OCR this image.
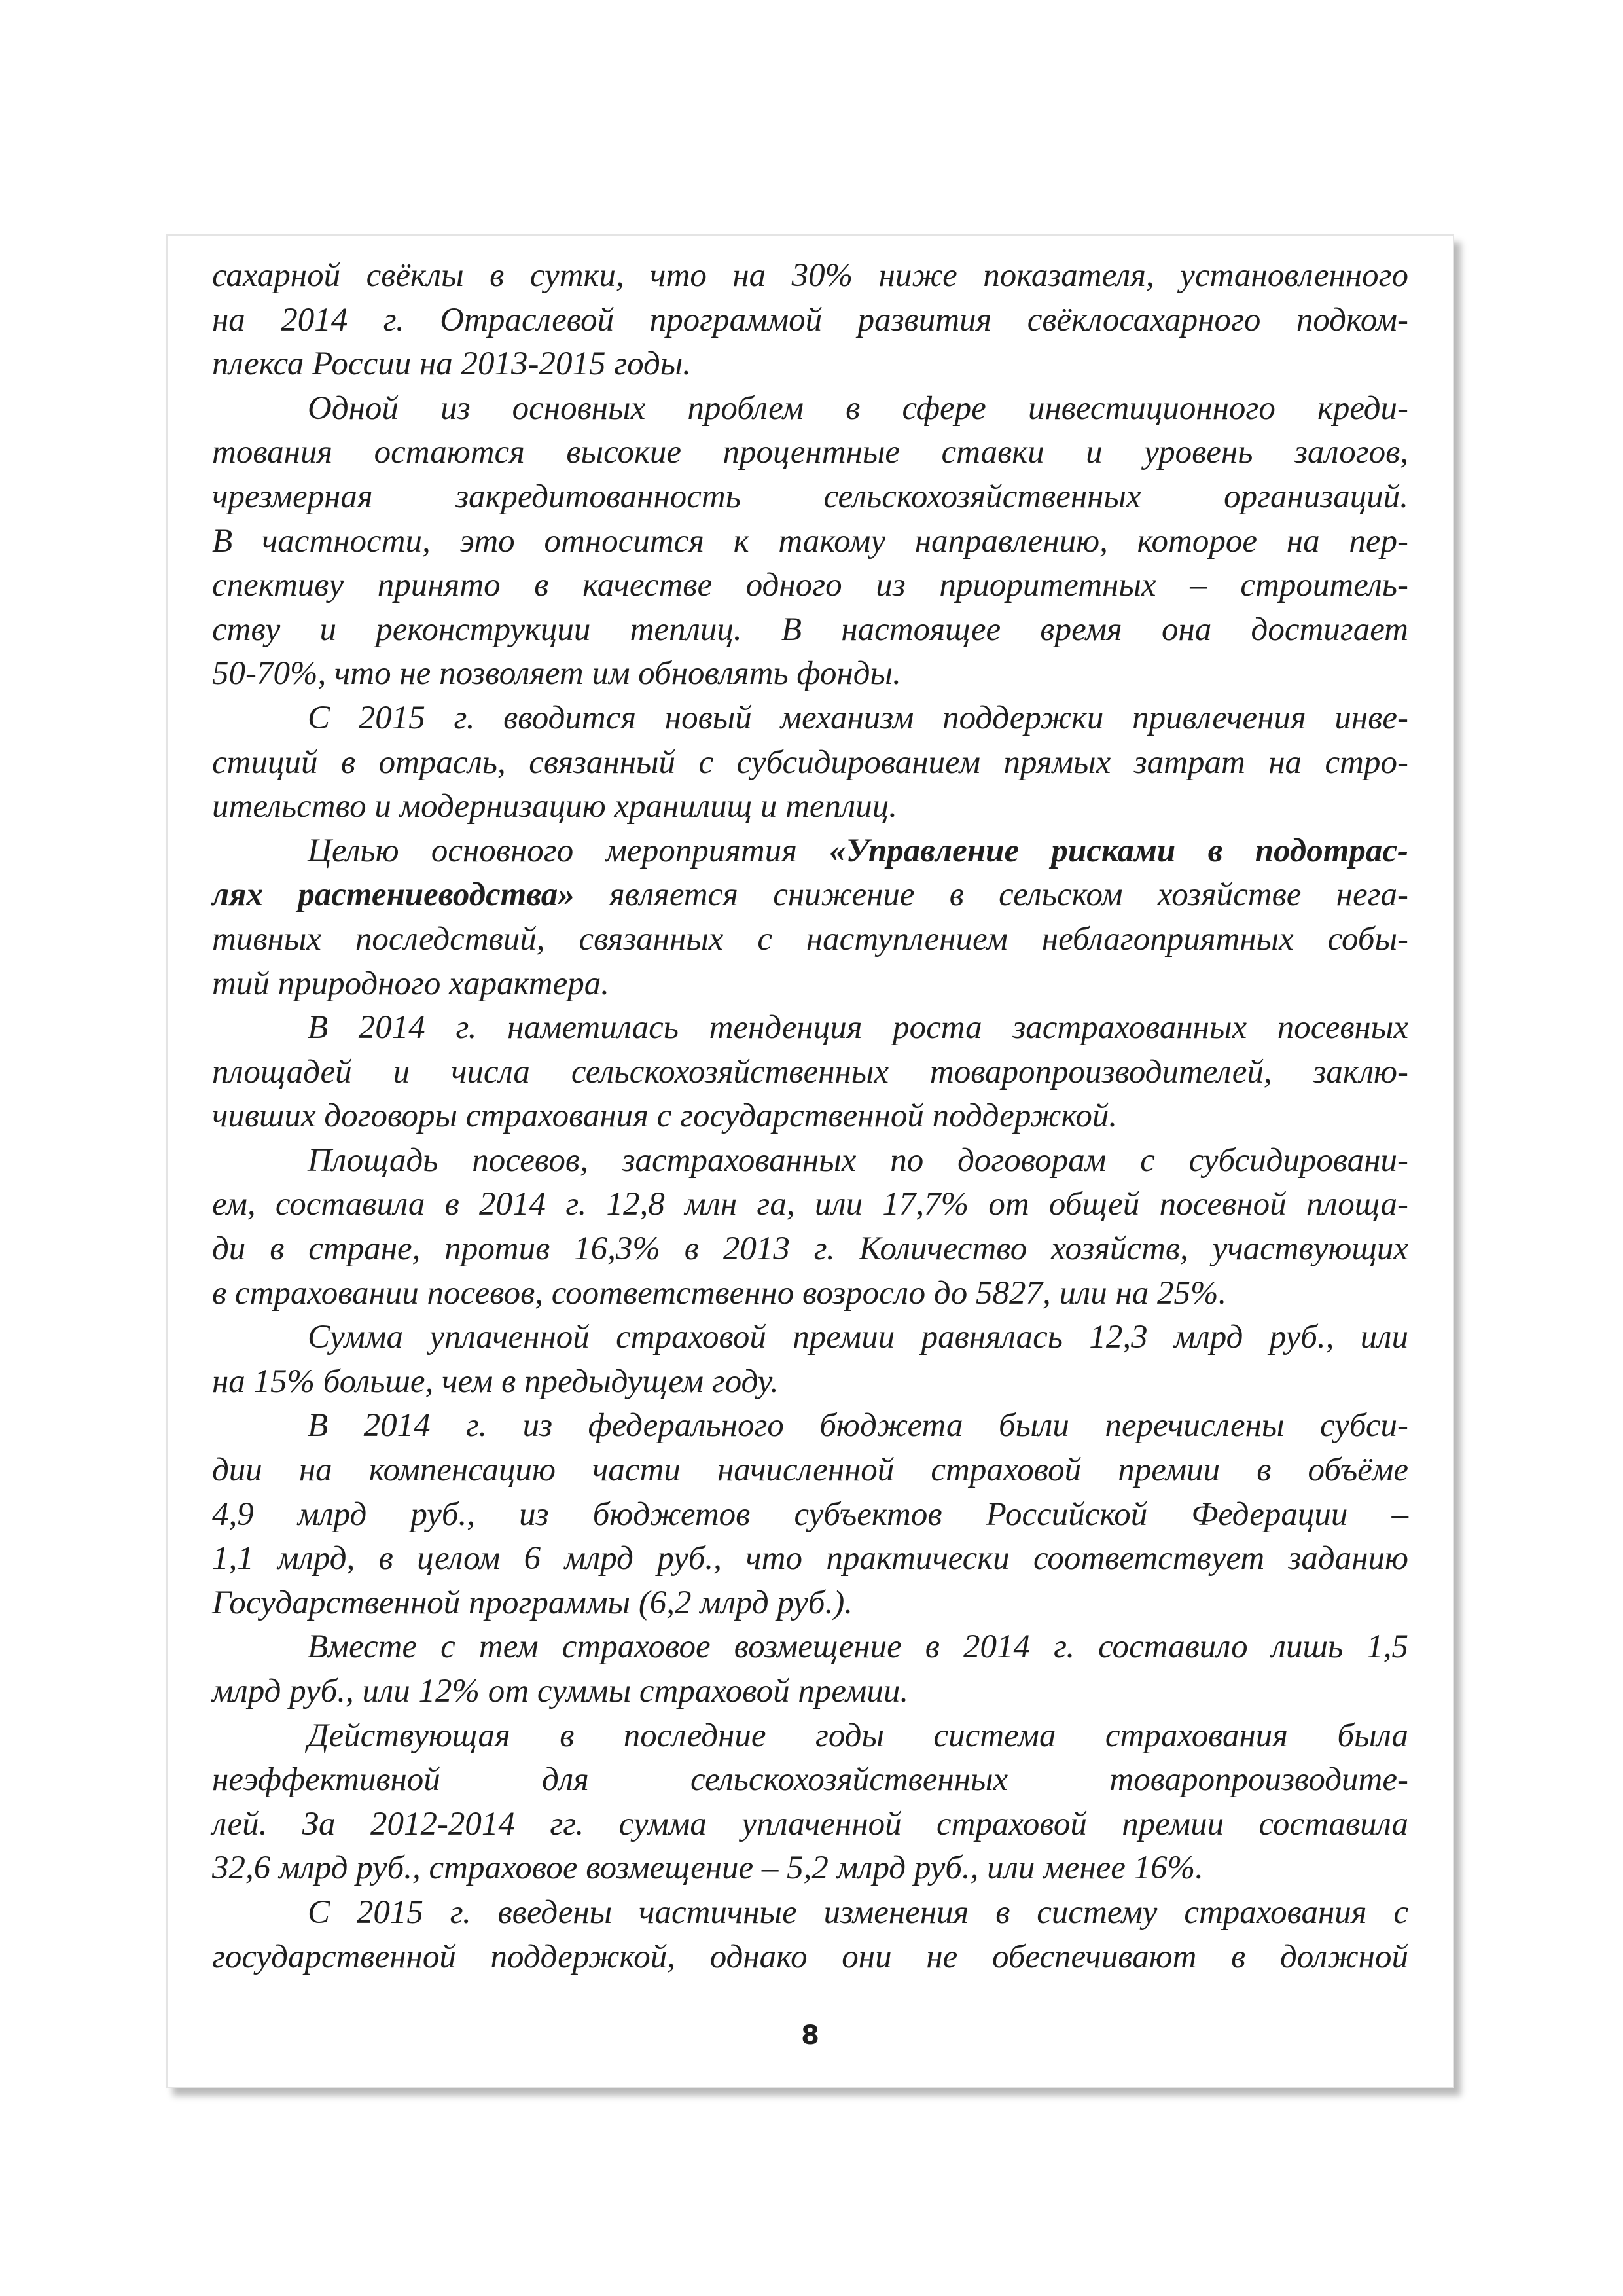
сахарной свёклы в сутки, что на 30% ниже показателя, установленного
на 2014 г. Отраслевой программой развития свёклосахарного подком-
плекса России на 2013-2015 годы.
Одной из основных проблем в сфере инвестиционного креди-
тования остаются высокие процентные ставки и уровень залогов,
чрезмерная закредитованность сельскохозяйственных организаций.
В частности, это относится к такому направлению, которое на пер-
спективу принято в качестве одного из приоритетных – строитель-
ству и реконструкции теплиц. В настоящее время она достигает
50-70%, что не позволяет им обновлять фонды.
С 2015 г. вводится новый механизм поддержки привлечения инве-
стиций в отрасль, связанный с субсидированием прямых затрат на стро-
ительство и модернизацию хранилищ и теплиц.
Целью основного мероприятия «Управление рисками в подотрас-
лях растениеводства» является снижение в сельском хозяйстве нега-
тивных последствий, связанных с наступлением неблагоприятных собы-
тий природного характера.
В 2014 г. наметилась тенденция роста застрахованных посевных
площадей и числа сельскохозяйственных товаропроизводителей, заклю-
чивших договоры страхования с государственной поддержкой.
Площадь посевов, застрахованных по договорам с субсидировани-
ем, составила в 2014 г. 12,8 млн га, или 17,7% от общей посевной площа-
ди в стране, против 16,3% в 2013 г. Количество хозяйств, участвующих
в страховании посевов, соответственно возросло до 5827, или на 25%.
Сумма уплаченной страховой премии равнялась 12,3 млрд руб., или
на 15% больше, чем в предыдущем году.
В 2014 г. из федерального бюджета были перечислены субси-
дии на компенсацию части начисленной страховой премии в объёме
4,9 млрд руб., из бюджетов субъектов Российской Федерации –
1,1 млрд, в целом 6 млрд руб., что практически соответствует заданию
Государственной программы (6,2 млрд руб.).
Вместе с тем страховое возмещение в 2014 г. составило лишь 1,5
млрд руб., или 12% от суммы страховой премии.
Действующая в последние годы система страхования была
неэффективной для сельскохозяйственных товаропроизводите-
лей. За 2012-2014 гг. сумма уплаченной страховой премии составила
32,6 млрд руб., страховое возмещение – 5,2 млрд руб., или менее 16%.
С 2015 г. введены частичные изменения в систему страхования с
государственной поддержкой, однако они не обеспечивают в должной
8
